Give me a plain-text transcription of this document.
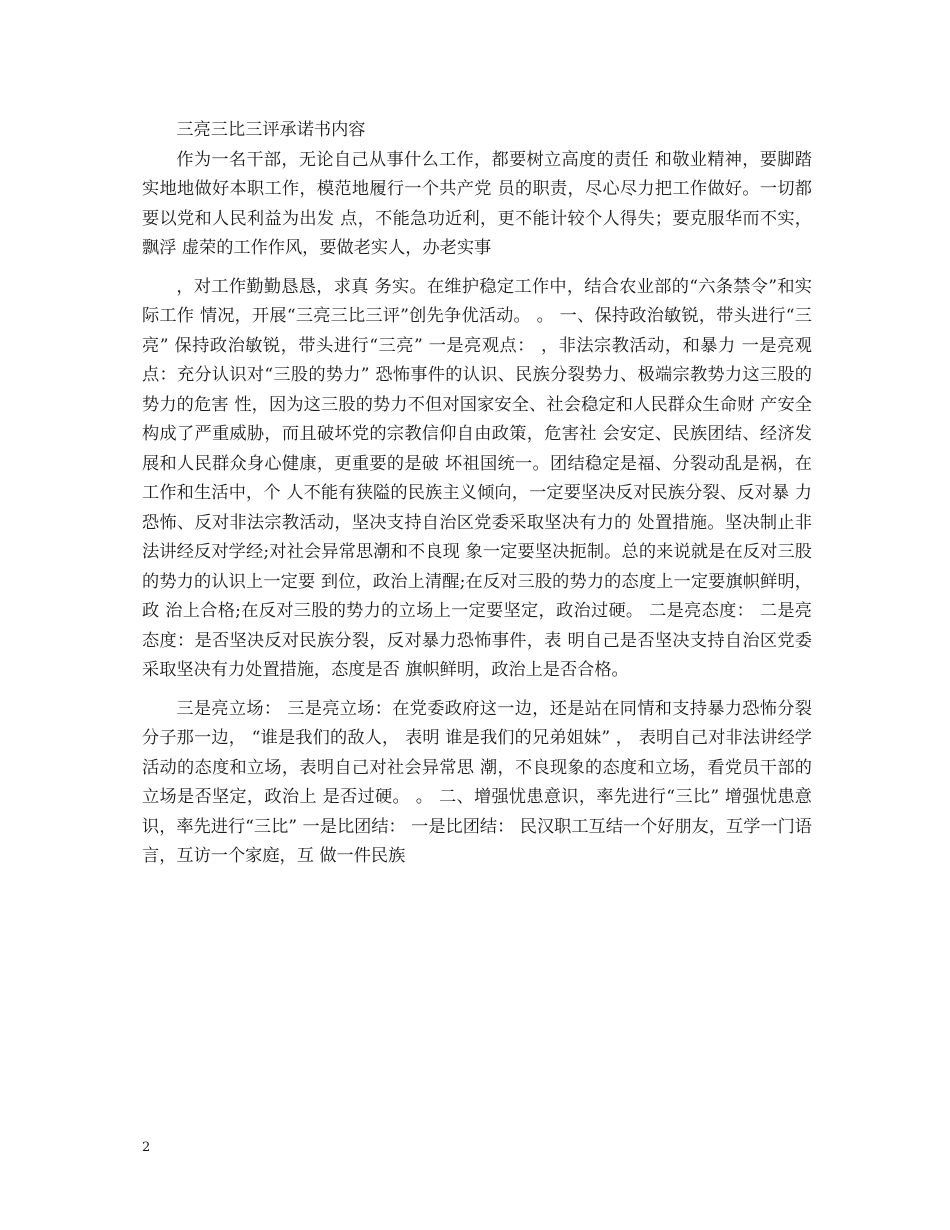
三亮三比三评承诺书内容

作为一名干部，无论自己从事什么工作，都要树立高度的责任 和敬业精神，要脚踏实地地做好本职工作，模范地履行一个共产党 员的职责，尽心尽力把工作做好。一切都要以党和人民利益为出发 点，不能急功近利，更不能计较个人得失；要克服华而不实，飘浮 虚荣的工作作风，要做老实人，办老实事

，对工作勤勤恳恳，求真 务实。在维护稳定工作中，结合农业部的“六条禁令”和实际工作 情况，开展“三亮三比三评”创先争优活动。 。 一、保持政治敏锐，带头进行“三亮” 保持政治敏锐，带头进行“三亮” 一是亮观点： ，非法宗教活动，和暴力 一是亮观点：充分认识对“三股的势力” 恐怖事件的认识、民族分裂势力、极端宗教势力这三股的势力的危害 性，因为这三股的势力不但对国家安全、社会稳定和人民群众生命财 产安全构成了严重威胁，而且破坏党的宗教信仰自由政策，危害社 会安定、民族团结、经济发展和人民群众身心健康，更重要的是破 坏祖国统一。团结稳定是福、分裂动乱是祸，在工作和生活中，个 人不能有狭隘的民族主义倾向，一定要坚决反对民族分裂、反对暴 力恐怖、反对非法宗教活动，坚决支持自治区党委采取坚决有力的 处置措施。坚决制止非法讲经反对学经;对社会异常思潮和不良现 象一定要坚决扼制。总的来说就是在反对三股的势力的认识上一定要 到位，政治上清醒;在反对三股的势力的态度上一定要旗帜鲜明，政 治上合格;在反对三股的势力的立场上一定要坚定，政治过硬。 二是亮态度： 二是亮态度：是否坚决反对民族分裂，反对暴力恐怖事件，表 明自己是否坚决支持自治区党委采取坚决有力处置措施，态度是否 旗帜鲜明，政治上是否合格。

三是亮立场： 三是亮立场：在党委政府这一边，还是站在同情和支持暴力恐怖分裂分子那一边， “谁是我们的敌人， 表明 谁是我们的兄弟姐妹” ， 表明自己对非法讲经学活动的态度和立场，表明自己对社会异常思 潮，不良现象的态度和立场，看党员干部的立场是否坚定，政治上 是否过硬。 。 二、增强忧患意识，率先进行“三比” 增强忧患意识，率先进行“三比” 一是比团结： 一是比团结： 民汉职工互结一个好朋友，互学一门语言，互访一个家庭，互 做一件民族

2
